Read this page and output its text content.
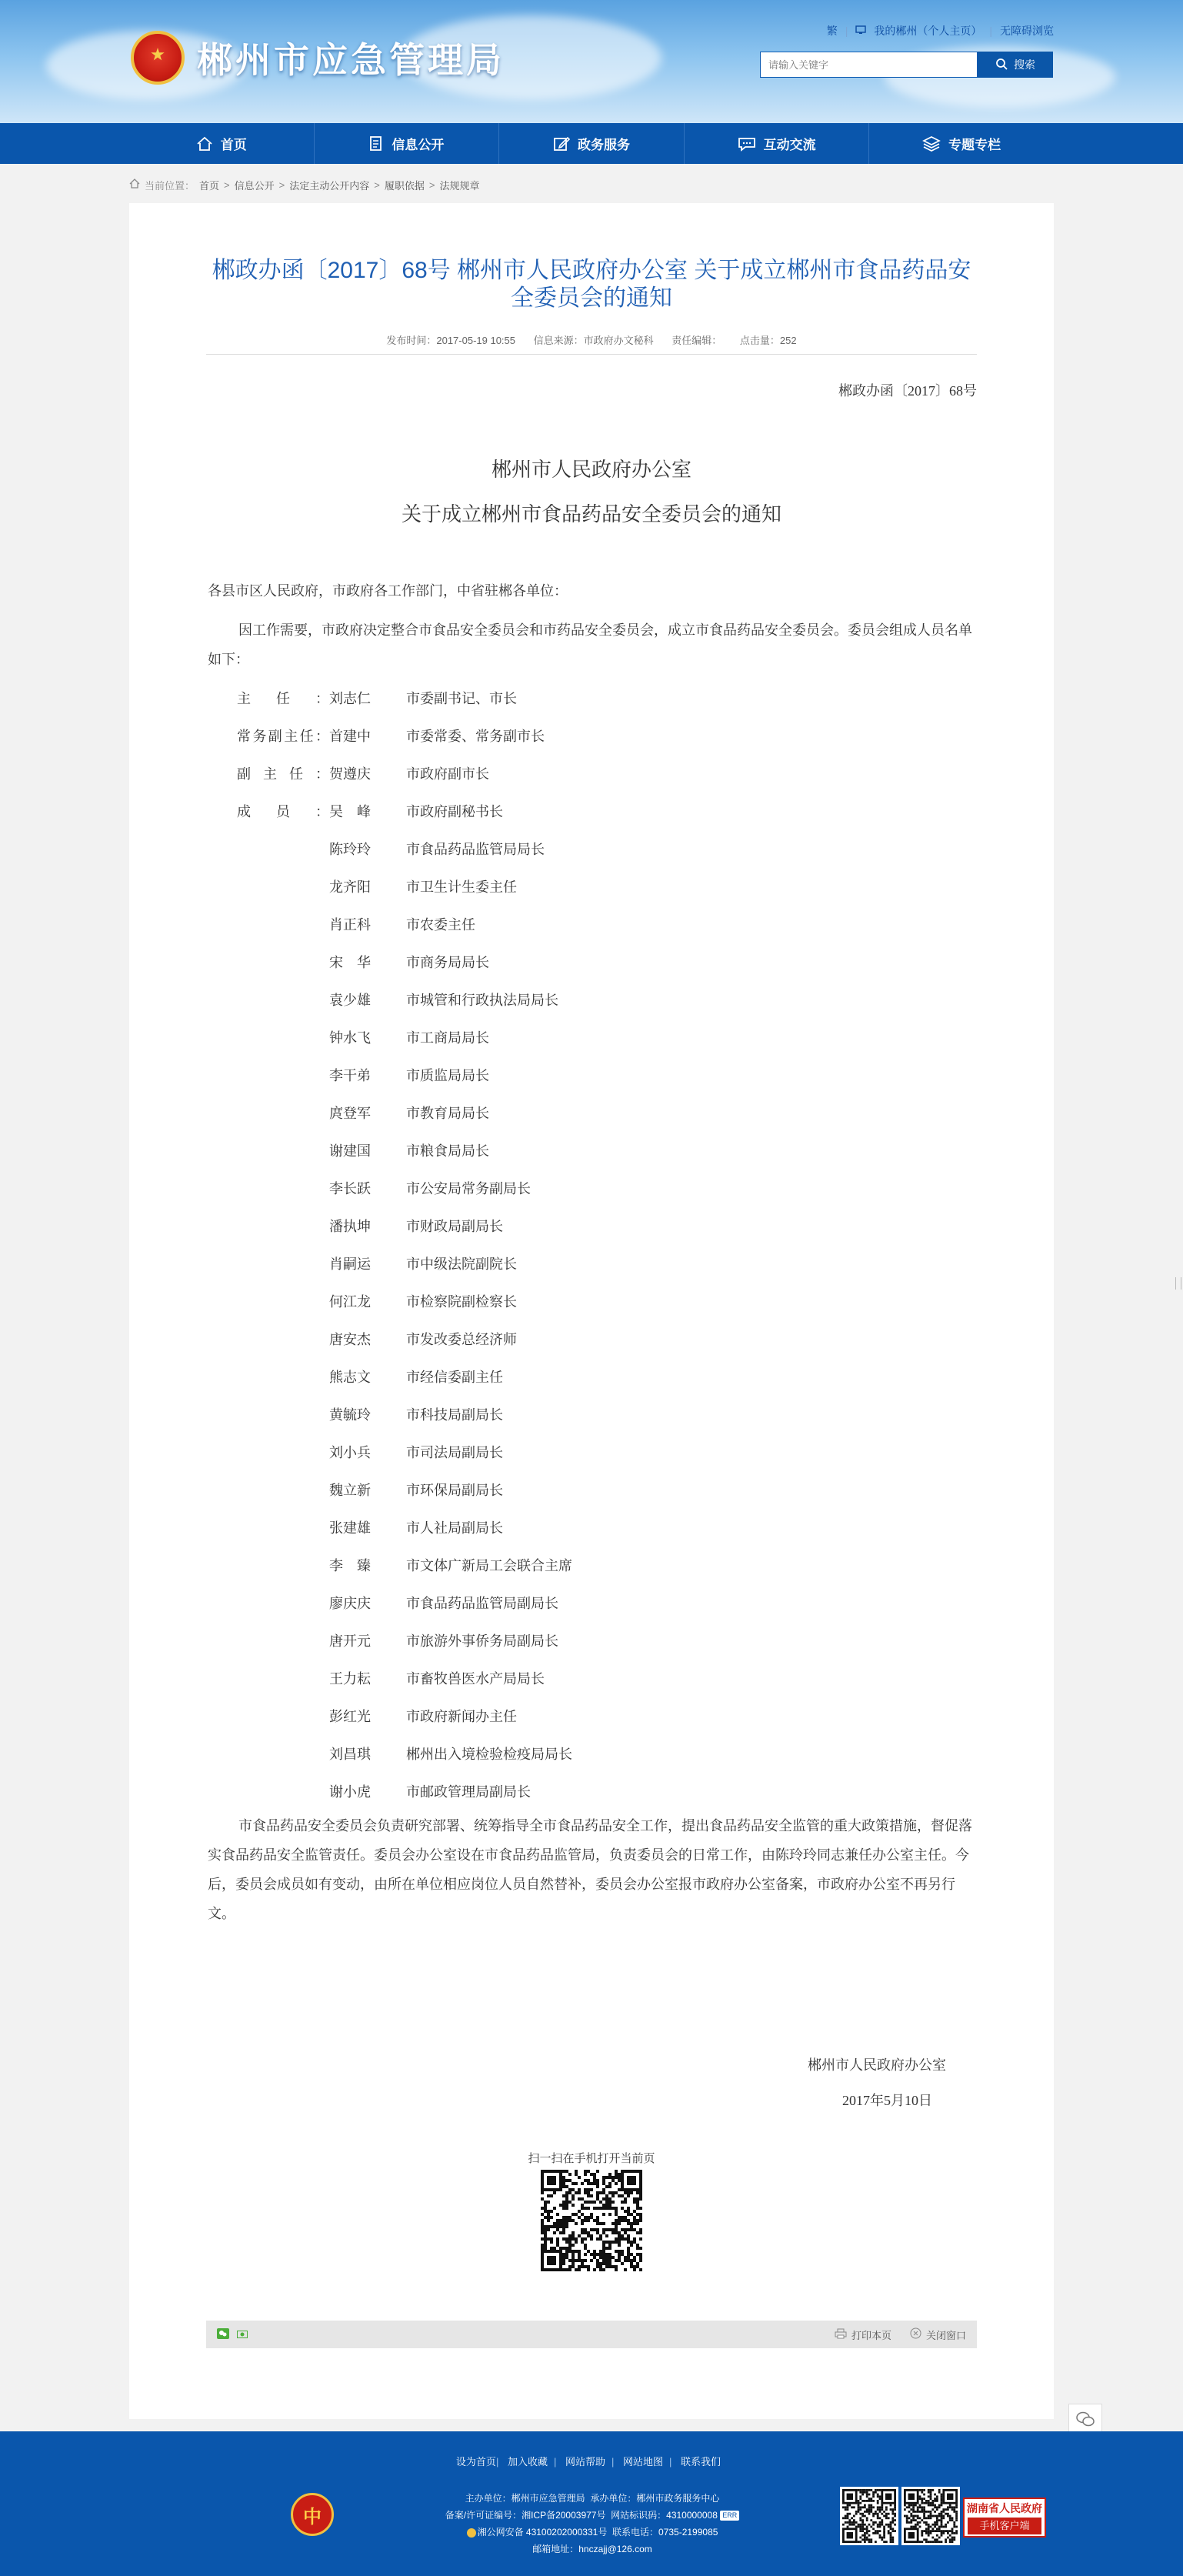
郴州市应急管理局
繁 | 我的郴州（个人主页） | 无障碍浏览
请输入关键字
搜索
首页	信息公开	政务服务	互动交流	专题专栏
当前位置： 首页 > 信息公开 > 法定主动公开内容 > 履职依据 > 法规规章
郴政办函〔2017〕68号 郴州市人民政府办公室 关于成立郴州市食品药品安全委员会的通知
发布时间：2017-05-19 10:55 信息来源：市政府办文秘科 责任编辑： 点击量：252
郴政办函〔2017〕68号
郴州市人民政府办公室
关于成立郴州市食品药品安全委员会的通知
各县市区人民政府，市政府各工作部门，中省驻郴各单位：
因工作需要，市政府决定整合市食品安全委员会和市药品安全委员会，成立市食品药品安全委员会。委员会组成人员名单如下：
主任： 刘志仁	市委副书记、市长
常务副主任： 首建中	市委常委、常务副市长
副主任： 贺遵庆	市政府副市长
成员： 吴　峰	市政府副秘书长
陈玲玲	市食品药品监管局局长
龙齐阳	市卫生计生委主任
肖正科	市农委主任
宋　华	市商务局局长
袁少雄	市城管和行政执法局局长
钟水飞	市工商局局长
李干弟	市质监局局长
庹登军	市教育局局长
谢建国	市粮食局局长
李长跃	市公安局常务副局长
潘执坤	市财政局副局长
肖嗣运	市中级法院副院长
何江龙	市检察院副检察长
唐安杰	市发改委总经济师
熊志文	市经信委副主任
黄毓玲	市科技局副局长
刘小兵	市司法局副局长
魏立新	市环保局副局长
张建雄	市人社局副局长
李　臻	市文体广新局工会联合主席
廖庆庆	市食品药品监管局副局长
唐开元	市旅游外事侨务局副局长
王力耘	市畜牧兽医水产局局长
彭红光	市政府新闻办主任
刘昌琪	郴州出入境检验检疫局局长
谢小虎	市邮政管理局副局长
市食品药品安全委员会负责研究部署、统筹指导全市食品药品安全工作，提出食品药品安全监管的重大政策措施，督促落实食品药品安全监管责任。委员会办公室设在市食品药品监管局，负责委员会的日常工作，由陈玲玲同志兼任办公室主任。今后，委员会成员如有变动，由所在单位相应岗位人员自然替补，委员会办公室报市政府办公室备案，市政府办公室不再另行文。
郴州市人民政府办公室
2017年5月10日
扫一扫在手机打开当前页
打印本页	关闭窗口
设为首页| 加入收藏 | 网站帮助 | 网站地图 | 联系我们
中
主办单位：郴州市应急管理局 承办单位：郴州市政务服务中心
备案/许可证编号：湘ICP备20003977号 网站标识码：4310000008 ERR
湘公网安备 43100202000331号 联系电话：0735-2199085
邮箱地址：hnczajj@126.com
湖南省人民政府
手机客户端
